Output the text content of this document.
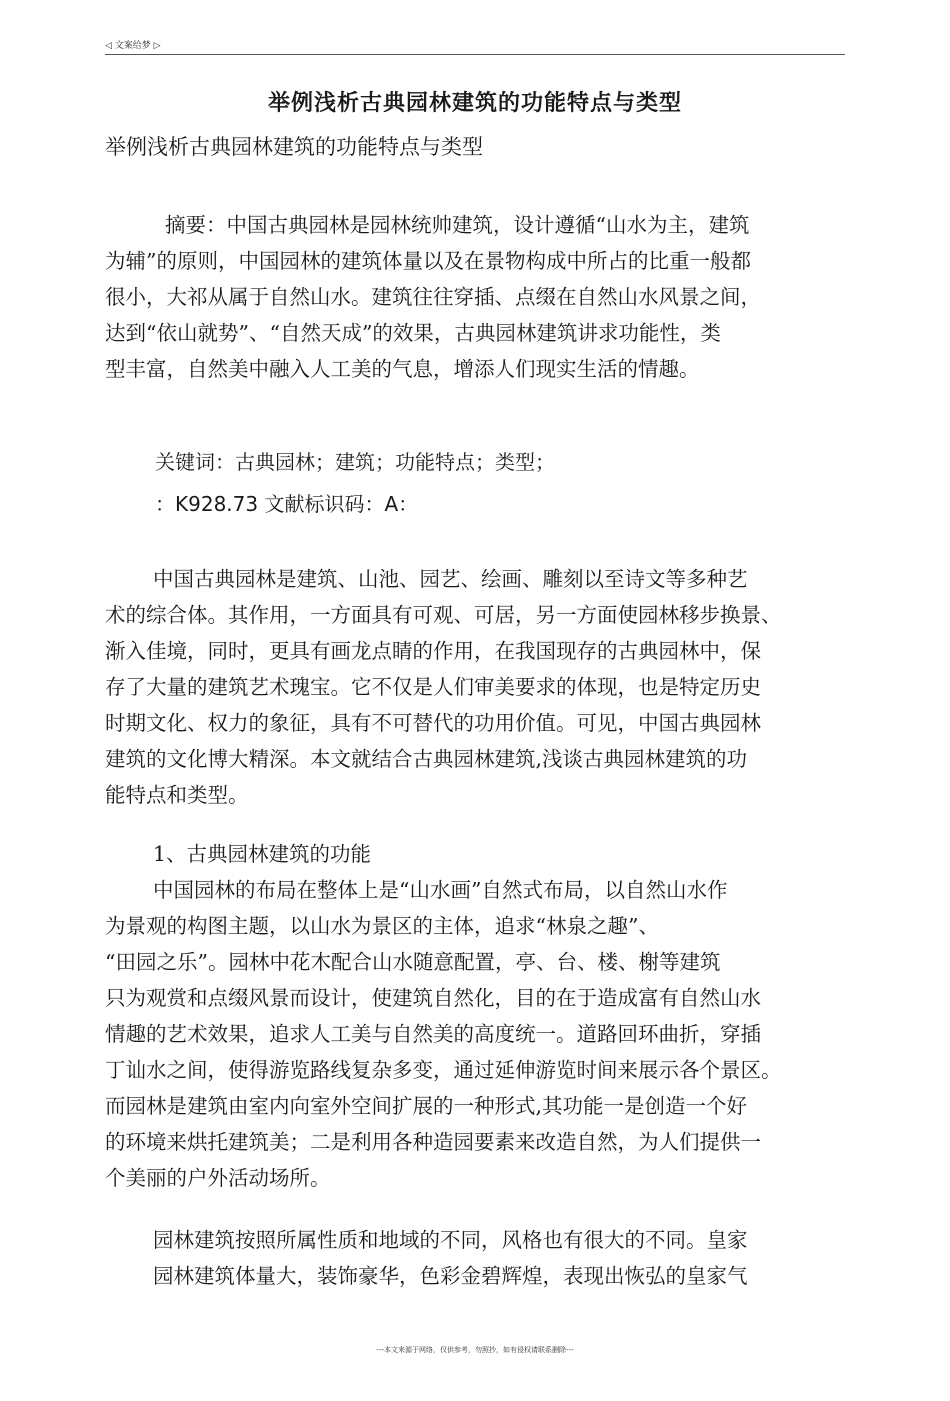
◁ 文案给梦 ▷
举例浅析古典园林建筑的功能特点与类型

举例浅析古典园林建筑的功能特点与类型

摘要：中国古典园林是园林统帅建筑，设计遵循“山水为主，建筑
为辅”的原则，中国园林的建筑体量以及在景物构成中所占的比重一般都
很小，大祁从属于自然山水。建筑往往穿插、点缀在自然山水风景之间，
达到“依山就势”、“自然天成”的效果，古典园林建筑讲求功能性，类
型丰富，自然美中融入人工美的气息，增添人们现实生活的情趣。

关键词：古典园林；建筑；功能特点；类型；

：K928.73 文献标识码：A：

中国古典园林是建筑、山池、园艺、绘画、雕刻以至诗文等多种艺
术的综合体。其作用，一方面具有可观、可居，另一方面使园林移步换景、
渐入佳境，同时，更具有画龙点睛的作用，在我国现存的古典园林中，保
存了大量的建筑艺术瑰宝。它不仅是人们审美要求的体现，也是特定历史
时期文化、权力的象征，具有不可替代的功用价值。可见，中国古典园林
建筑的文化博大精深。本文就结合古典园林建筑,浅谈古典园林建筑的功
能特点和类型。
1、古典园林建筑的功能
中国园林的布局在整体上是“山水画”自然式布局，以自然山水作
为景观的构图主题，以山水为景区的主体，追求“林泉之趣”、
“田园之乐”。园林中花木配合山水随意配置，亭、台、楼、榭等建筑
只为观赏和点缀风景而设计，使建筑自然化，目的在于造成富有自然山水
情趣的艺术效果，追求人工美与自然美的高度统一。道路回环曲折，穿插
丁讪水之间，使得游览路线复杂多变，通过延伸游览时间来展示各个景区。
而园林是建筑由室内向室外空间扩展的一种形式,其功能一是创造一个好
的环境来烘托建筑美；二是利用各种造园要素来改造自然，为人们提供一
个美丽的户外活动场所。
园林建筑按照所属性质和地域的不同，风格也有很大的不同。皇家
园林建筑体量大，装饰豪华，色彩金碧辉煌，表现出恢弘的皇家气
---本文来源于网络，仅供参考，勿照抄，如有侵权请联系删除---
